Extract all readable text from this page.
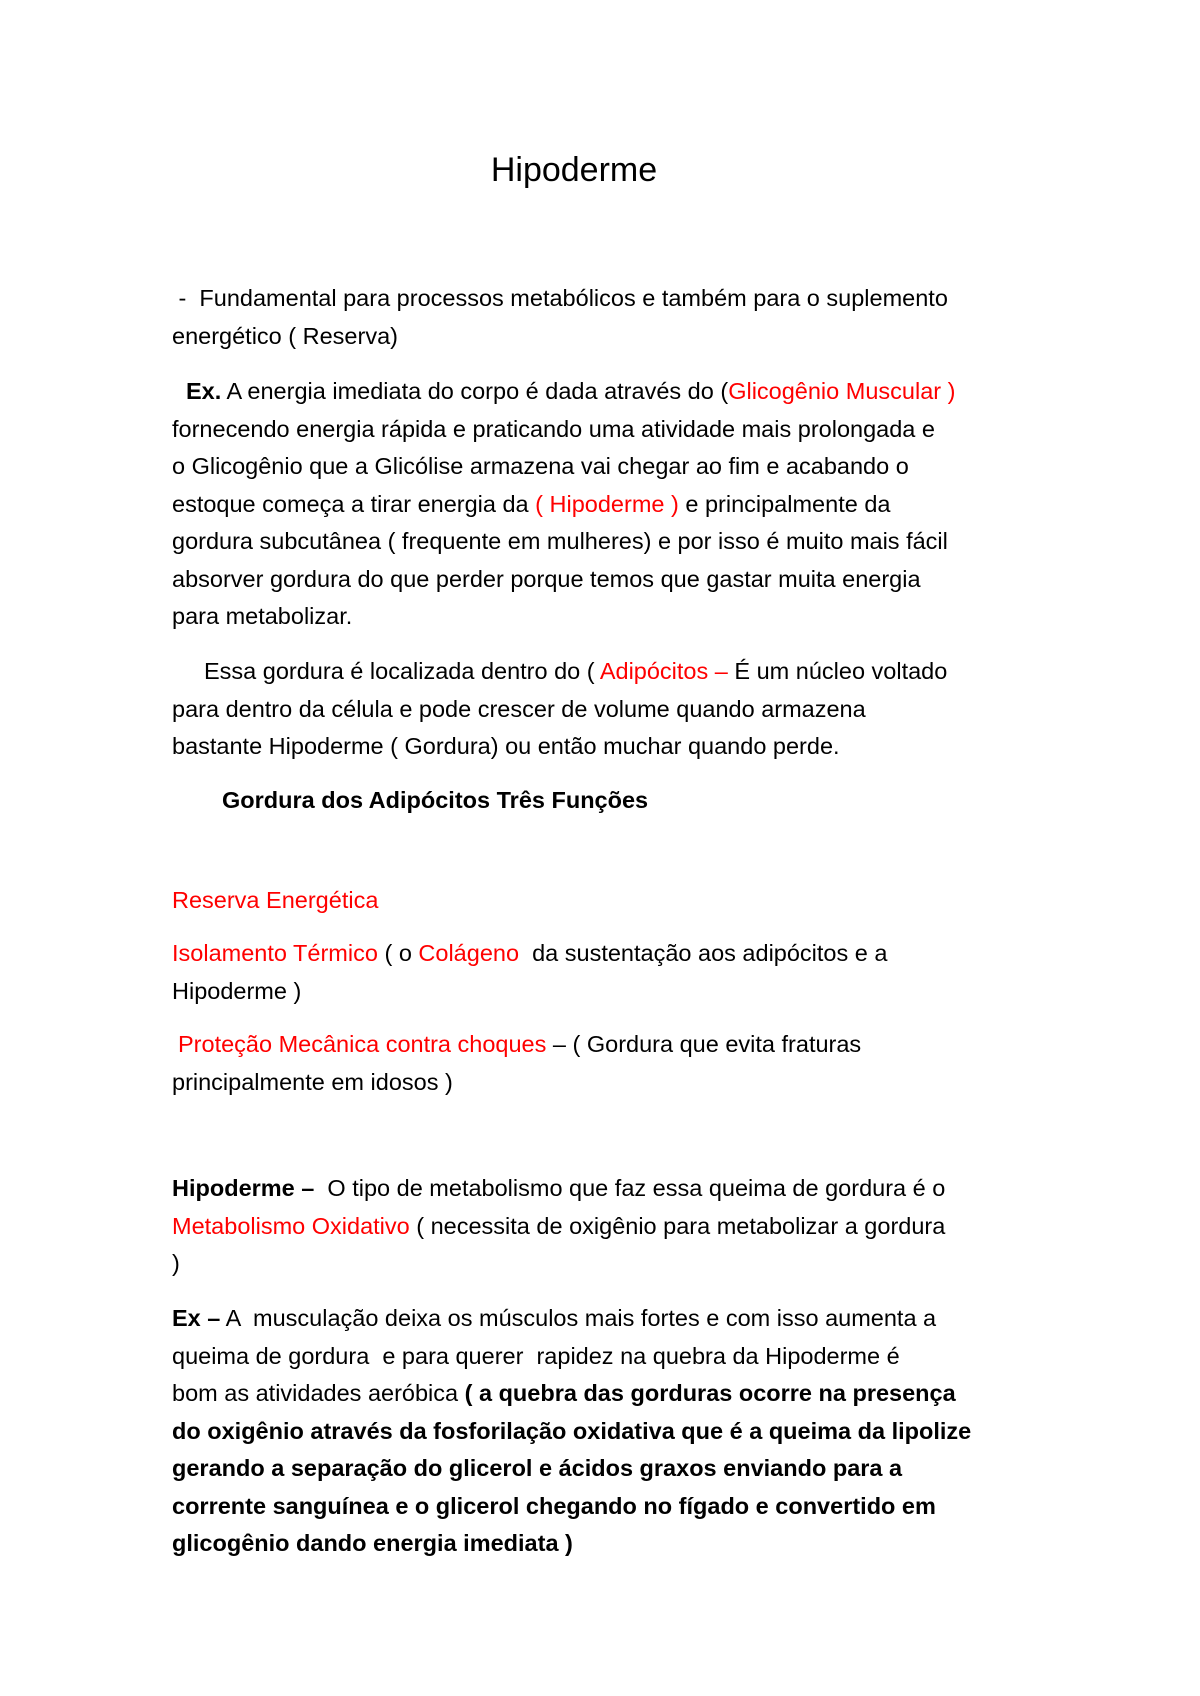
Hipoderme
-  Fundamental para processos metabólicos e também para o suplemento
energético ( Reserva)
Ex. A energia imediata do corpo é dada através do (Glicogênio Muscular )
fornecendo energia rápida e praticando uma atividade mais prolongada e
o Glicogênio que a Glicólise armazena vai chegar ao fim e acabando o
estoque começa a tirar energia da ( Hipoderme ) e principalmente da
gordura subcutânea ( frequente em mulheres) e por isso é muito mais fácil
absorver gordura do que perder porque temos que gastar muita energia
para metabolizar.
Essa gordura é localizada dentro do ( Adipócitos – É um núcleo voltado
para dentro da célula e pode crescer de volume quando armazena
bastante Hipoderme ( Gordura) ou então muchar quando perde.
Gordura dos Adipócitos Três Funções
Reserva Energética
Isolamento Térmico ( o Colágeno  da sustentação aos adipócitos e a
Hipoderme )
Proteção Mecânica contra choques – ( Gordura que evita fraturas
principalmente em idosos )
Hipoderme –  O tipo de metabolismo que faz essa queima de gordura é o
Metabolismo Oxidativo ( necessita de oxigênio para metabolizar a gordura
)
Ex – A  musculação deixa os músculos mais fortes e com isso aumenta a
queima de gordura  e para querer  rapidez na quebra da Hipoderme é
bom as atividades aeróbica ( a quebra das gorduras ocorre na presença
do oxigênio através da fosforilação oxidativa que é a queima da lipolize
gerando a separação do glicerol e ácidos graxos enviando para a
corrente sanguínea e o glicerol chegando no fígado e convertido em
glicogênio dando energia imediata )
